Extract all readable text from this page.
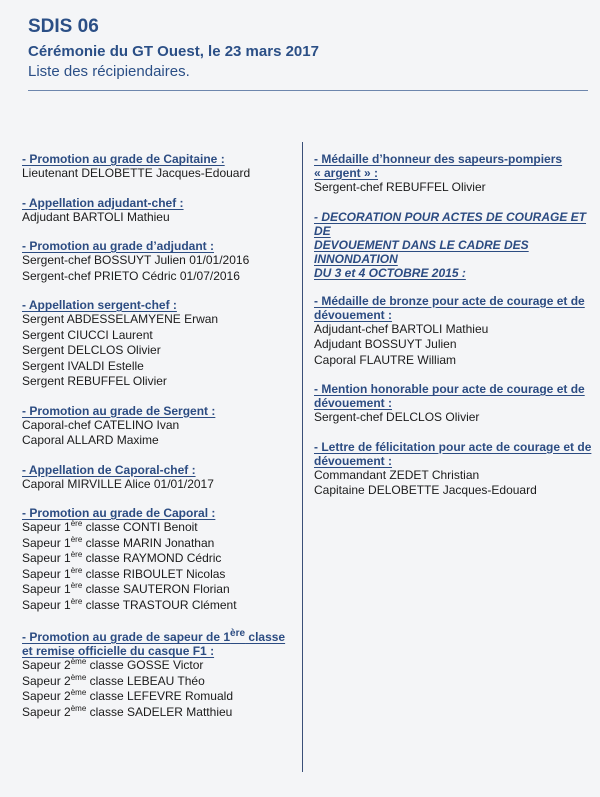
SDIS 06
Cérémonie du GT Ouest, le 23 mars 2017
Liste des récipiendaires.
- Promotion au grade de Capitaine :
Lieutenant DELOBETTE Jacques-Edouard
- Appellation adjudant-chef :
Adjudant BARTOLI Mathieu
- Promotion au grade d’adjudant :
Sergent-chef BOSSUYT Julien 01/01/2016
Sergent-chef PRIETO Cédric 01/07/2016
- Appellation sergent-chef :
Sergent ABDESSELAMYENE Erwan
Sergent CIUCCI Laurent
Sergent DELCLOS Olivier
Sergent IVALDI Estelle
Sergent REBUFFEL Olivier
- Promotion au grade de Sergent :
Caporal-chef CATELINO Ivan
Caporal ALLARD Maxime
- Appellation de Caporal-chef :
Caporal MIRVILLE Alice 01/01/2017
- Promotion au grade de Caporal :
Sapeur 1ère classe CONTI Benoit
Sapeur 1ère classe MARIN Jonathan
Sapeur 1ère classe RAYMOND Cédric
Sapeur 1ère classe RIBOULET Nicolas
Sapeur 1ère classe SAUTERON Florian
Sapeur 1ère classe TRASTOUR Clément
- Promotion au grade de sapeur de 1ère classe
et remise officielle du casque F1 :
Sapeur 2ème classe GOSSE Victor
Sapeur 2ème classe LEBEAU Théo
Sapeur 2ème classe LEFEVRE Romuald
Sapeur 2ème classe SADELER Matthieu
- Médaille d’honneur des sapeurs-pompiers
« argent » :
Sergent-chef REBUFFEL Olivier
- DECORATION POUR ACTES DE COURAGE ET DE
DEVOUEMENT DANS LE CADRE DES
INNONDATION
DU 3 et 4 OCTOBRE 2015 :
- Médaille de bronze pour acte de courage et de
dévouement :
Adjudant-chef BARTOLI Mathieu
Adjudant BOSSUYT Julien
Caporal FLAUTRE William
- Mention honorable pour acte de courage et de
dévouement :
Sergent-chef DELCLOS Olivier
- Lettre de félicitation pour acte de courage et de
dévouement :
Commandant ZEDET Christian
Capitaine DELOBETTE Jacques-Edouard
